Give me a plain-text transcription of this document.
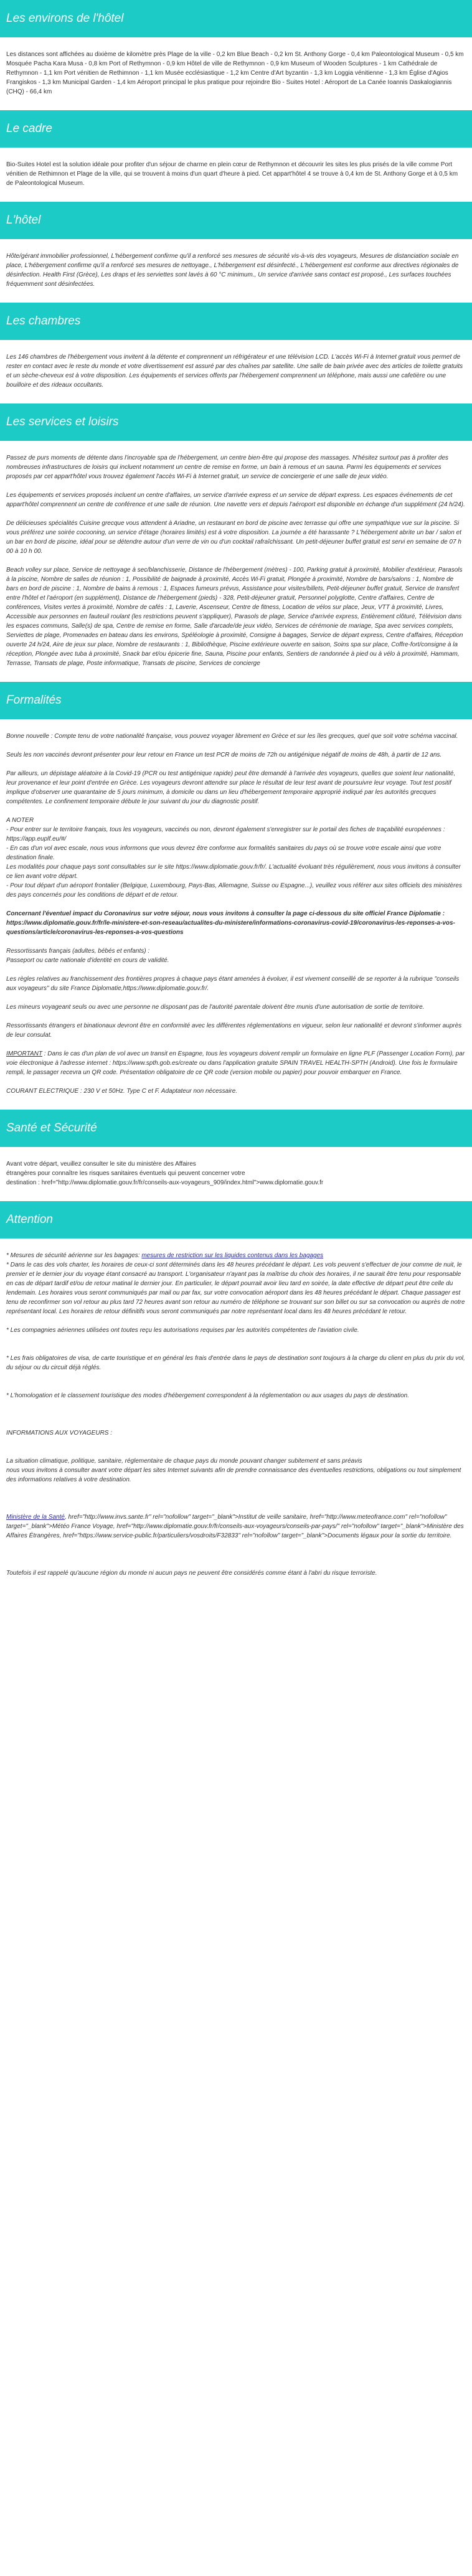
Les environs de l'hôtel

Les distances sont affichées au dixième de kilomètre près Plage de la ville - 0,2 km Blue Beach - 0,2 km St. Anthony Gorge - 0,4 km Paleontological Museum - 0,5 km Mosquée Pacha Kara Musa - 0,8 km Port of Rethymnon - 0,9 km Hôtel de ville de Rethymnon - 0,9 km Museum of Wooden Sculptures - 1 km Cathédrale de Rethymnon - 1,1 km Port vénitien de Rethimnon - 1,1 km Musée ecclésiastique - 1,2 km Centre d'Art byzantin - 1,3 km Loggia vénitienne - 1,3 km Église d'Agios Frangiskos - 1,3 km Municipal Garden - 1,4 km Aéroport principal le plus pratique pour rejoindre Bio - Suites Hotel : Aéroport de La Canée Ioannis Daskalogiannis (CHQ) - 66,4 km

Le cadre

Bio-Suites Hotel est la solution idéale pour profiter d'un séjour de charme en plein cœur de Rethymnon et découvrir les sites les plus prisés de la ville comme Port vénitien de Rethimnon et Plage de la ville, qui se trouvent à moins d'un quart d'heure à pied. Cet appart'hôtel 4 se trouve à 0,4 km de St. Anthony Gorge et à 0,5 km de Paleontological Museum.

L'hôtel

Hôte/gérant immobilier professionnel, L'hébergement confirme qu'il a renforcé ses mesures de sécurité vis-à-vis des voyageurs, Mesures de distanciation sociale en place, L'hébergement confirme qu'il a renforcé ses mesures de nettoyage., L'hébergement est désinfecté., L'hébergement est conforme aux directives régionales de désinfection. Health First (Grèce), Les draps et les serviettes sont lavés à 60 °C minimum., Un service d'arrivée sans contact est proposé., Les surfaces touchées fréquemment sont désinfectées.

Les chambres

Les 146 chambres de l'hébergement vous invitent à la détente et comprennent un réfrigérateur et une télévision LCD. L'accès Wi-Fi à Internet gratuit vous permet de rester en contact avec le reste du monde et votre divertissement est assuré par des chaînes par satellite. Une salle de bain privée avec des articles de toilette gratuits et un sèche-cheveux est à votre disposition. Les équipements et services offerts par l'hébergement comprennent un téléphone, mais aussi une cafetière ou une bouilloire et des rideaux occultants.

Les services et loisirs

Passez de purs moments de détente dans l'incroyable spa de l'hébergement, un centre bien-être qui propose des massages. N'hésitez surtout pas à profiter des nombreuses infrastructures de loisirs qui incluent notamment un centre de remise en forme, un bain à remous et un sauna. Parmi les équipements et services proposés par cet appart'hôtel vous trouvez également l'accès Wi-Fi à Internet gratuit, un service de conciergerie et une salle de jeux vidéo.

Les équipements et services proposés incluent un centre d'affaires, un service d'arrivée express et un service de départ express. Les espaces événements de cet appart'hôtel comprennent un centre de conférence et une salle de réunion. Une navette vers et depuis l'aéroport est disponible en échange d'un supplément (24 h/24).

De délicieuses spécialités Cuisine grecque vous attendent à Ariadne, un restaurant en bord de piscine avec terrasse qui offre une sympathique vue sur la piscine. Si vous préférez une soirée cocooning, un service d'étage (horaires limités) est à votre disposition. La journée a été harassante ? L'hébergement abrite un bar / salon et un bar en bord de piscine, idéal pour se détendre autour d'un verre de vin ou d'un cocktail rafraîchissant. Un petit-déjeuner buffet gratuit est servi en semaine de 07 h 00 à 10 h 00.

Beach volley sur place, Service de nettoyage à sec/blanchisserie, Distance de l'hébergement (mètres) - 100, Parking gratuit à proximité, Mobilier d'extérieur, Parasols à la piscine, Nombre de salles de réunion : 1, Possibilité de baignade à proximité, Accès Wi-Fi gratuit, Plongée à proximité, Nombre de bars/salons : 1, Nombre de bars en bord de piscine : 1, Nombre de bains à remous : 1, Espaces fumeurs prévus, Assistance pour visites/billets, Petit-déjeuner buffet gratuit, Service de transfert entre l'hôtel et l'aéroport (en supplément), Distance de l'hébergement (pieds) - 328, Petit-déjeuner gratuit, Personnel polyglotte, Centre d'affaires, Centre de conférences, Visites vertes à proximité, Nombre de cafés : 1, Laverie, Ascenseur, Centre de fitness, Location de vélos sur place, Jeux, VTT à proximité, Livres, Accessible aux personnes en fauteuil roulant (les restrictions peuvent s'appliquer), Parasols de plage, Service d'arrivée express, Entièrement clôturé, Télévision dans les espaces communs, Salle(s) de spa, Centre de remise en forme, Salle d'arcade/de jeux vidéo, Services de cérémonie de mariage, Spa avec services complets, Serviettes de plage, Promenades en bateau dans les environs, Spéléologie à proximité, Consigne à bagages, Service de départ express, Centre d'affaires, Réception ouverte 24 h/24, Aire de jeux sur place, Nombre de restaurants : 1, Bibliothèque, Piscine extérieure ouverte en saison, Soins spa sur place, Coffre-fort/consigne à la réception, Plongée avec tuba à proximité, Snack bar et/ou épicerie fine, Sauna, Piscine pour enfants, Sentiers de randonnée à pied ou à vélo à proximité, Hammam, Terrasse, Transats de plage, Poste informatique, Transats de piscine, Services de concierge

Formalités

Bonne nouvelle : Compte tenu de votre nationalité française, vous pouvez voyager librement en Grèce et sur les îles grecques, quel que soit votre schéma vaccinal.

Seuls les non vaccinés devront présenter pour leur retour en France un test PCR de moins de 72h ou antigénique négatif de moins de 48h, à partir de 12 ans.

Par ailleurs, un dépistage aléatoire à la Covid-19 (PCR ou test antigénique rapide) peut être demandé à l'arrivée des voyageurs, quelles que soient leur nationalité, leur provenance et leur point d'entrée en Grèce. Les voyageurs devront attendre sur place le résultat de leur test avant de poursuivre leur voyage. Tout test positif implique d'observer une quarantaine de 5 jours minimum, à domicile ou dans un lieu d'hébergement temporaire approprié indiqué par les autorités grecques compétentes. Le confinement temporaire débute le jour suivant du jour du diagnostic positif.

A NOTER
- Pour entrer sur le territoire français, tous les voyageurs, vaccinés ou non, devront également s'enregistrer sur le portail des fiches de traçabilité européennes : https://app.euplf.eu/#/
- En cas d'un vol avec escale, nous vous informons que vous devrez être conforme aux formalités sanitaires du pays où se trouve votre escale ainsi que votre destination finale.
Les modalités pour chaque pays sont consultables sur le site https://www.diplomatie.gouv.fr/fr/. L'actualité évoluant très régulièrement, nous vous invitons à consulter ce lien avant votre départ.
- Pour tout départ d'un aéroport frontalier (Belgique, Luxembourg, Pays-Bas, Allemagne, Suisse ou Espagne...), veuillez vous référer aux sites officiels des ministères des pays concernés pour les conditions de départ et de retour.

Concernant l'éventuel impact du Coronavirus sur votre séjour, nous vous invitons à consulter la page ci-dessous du site officiel France Diplomatie : https://www.diplomatie.gouv.fr/fr/le-ministere-et-son-reseau/actualites-du-ministere/informations-coronavirus-covid-19/coronavirus-les-reponses-a-vos-questions/article/coronavirus-les-reponses-a-vos-questions

Ressortissants français (adultes, bébés et enfants) :
Passeport ou carte nationale d'identité en cours de validité.

Les règles relatives au franchissement des frontières propres à chaque pays étant amenées à évoluer, il est vivement conseillé de se reporter à la rubrique "conseils aux voyageurs" du site France Diplomatie,https://www.diplomatie.gouv.fr/.

Les mineurs voyageant seuls ou avec une personne ne disposant pas de l'autorité parentale doivent être munis d'une autorisation de sortie de territoire.

Ressortissants étrangers et binationaux devront être en conformité avec les différentes réglementations en vigueur, selon leur nationalité et devront s'informer auprès de leur consulat.

IMPORTANT : Dans le cas d'un plan de vol avec un transit en Espagne, tous les voyageurs doivent remplir un formulaire en ligne PLF (Passenger Location Form), par voie électronique à l'adresse internet : https://www.spth.gob.es/create ou dans l'application gratuite SPAIN TRAVEL HEALTH-SPTH (Android). Une fois le formulaire rempli, le passager recevra un QR code. Présentation obligatoire de ce QR code (version mobile ou papier) pour pouvoir embarquer en France.

COURANT ELECTRIQUE : 230 V et 50Hz. Type C et F. Adaptateur non nécessaire.

Santé et Sécurité

Avant votre départ, veuillez consulter le site du ministère des Affaires
étrangères pour connaître les risques sanitaires éventuels qui peuvent concerner votre
destination : href="http://www.diplomatie.gouv.fr/fr/conseils-aux-voyageurs_909/index.html">www.diplomatie.gouv.fr

Attention

* Mesures de sécurité aérienne sur les bagages: mesures de restriction sur les liquides contenus dans les bagages

* Dans le cas des vols charter, les horaires de ceux-ci sont déterminés dans les 48 heures précédant le départ. Les vols peuvent s'effectuer de jour comme de nuit, le premier et le dernier jour du voyage étant consacré au transport. L'organisateur n'ayant pas la maîtrise du choix des horaires, il ne saurait être tenu pour responsable en cas de départ tardif et/ou de retour matinal le dernier jour. En particulier, le départ pourrait avoir lieu tard en soirée, la date effective de départ peut être celle du lendemain. Les horaires vous seront communiqués par mail ou par fax, sur votre convocation aéroport dans les 48 heures précédant le départ. Chaque passager est tenu de reconfirmer son vol retour au plus tard 72 heures avant son retour au numéro de téléphone se trouvant sur son billet ou sur sa convocation ou auprès de notre représentant local. Les horaires de retour définitifs vous seront communiqués par notre représentant local dans les 48 heures précédant le retour.

* Les compagnies aériennes utilisées ont toutes reçu les autorisations requises par les autorités compétentes de l'aviation civile.

* Les frais obligatoires de visa, de carte touristique et en général les frais d'entrée dans le pays de destination sont toujours à la charge du client en plus du prix du vol, du séjour ou du circuit déjà réglés.

* L'homologation et le classement touristique des modes d'hébergement correspondent à la réglementation ou aux usages du pays de destination.

INFORMATIONS AUX VOYAGEURS :

La situation climatique, politique, sanitaire, réglementaire de chaque pays du monde pouvant changer subitement et sans préavis
nous vous invitons à consulter avant votre départ les sites Internet suivants afin de prendre connaissance des éventuelles restrictions, obligations ou tout simplement des informations relatives à votre destination.

Ministère de la Santé, href="http://www.invs.sante.fr" rel="nofollow" target="_blank">Institut de veille sanitaire, href="http://www.meteofrance.com" rel="nofollow" target="_blank">Météo France Voyage, href="http://www.diplomatie.gouv.fr/fr/conseils-aux-voyageurs/conseils-par-pays/" rel="nofollow" target="_blank">Ministère des Affaires Étrangères, href="https://www.service-public.fr/particuliers/vosdroits/F32833" rel="nofollow" target="_blank">Documents légaux pour la sortie du territoire.

Toutefois il est rappelé qu'aucune région du monde ni aucun pays ne peuvent être considérés comme étant à l'abri du risque terroriste.
